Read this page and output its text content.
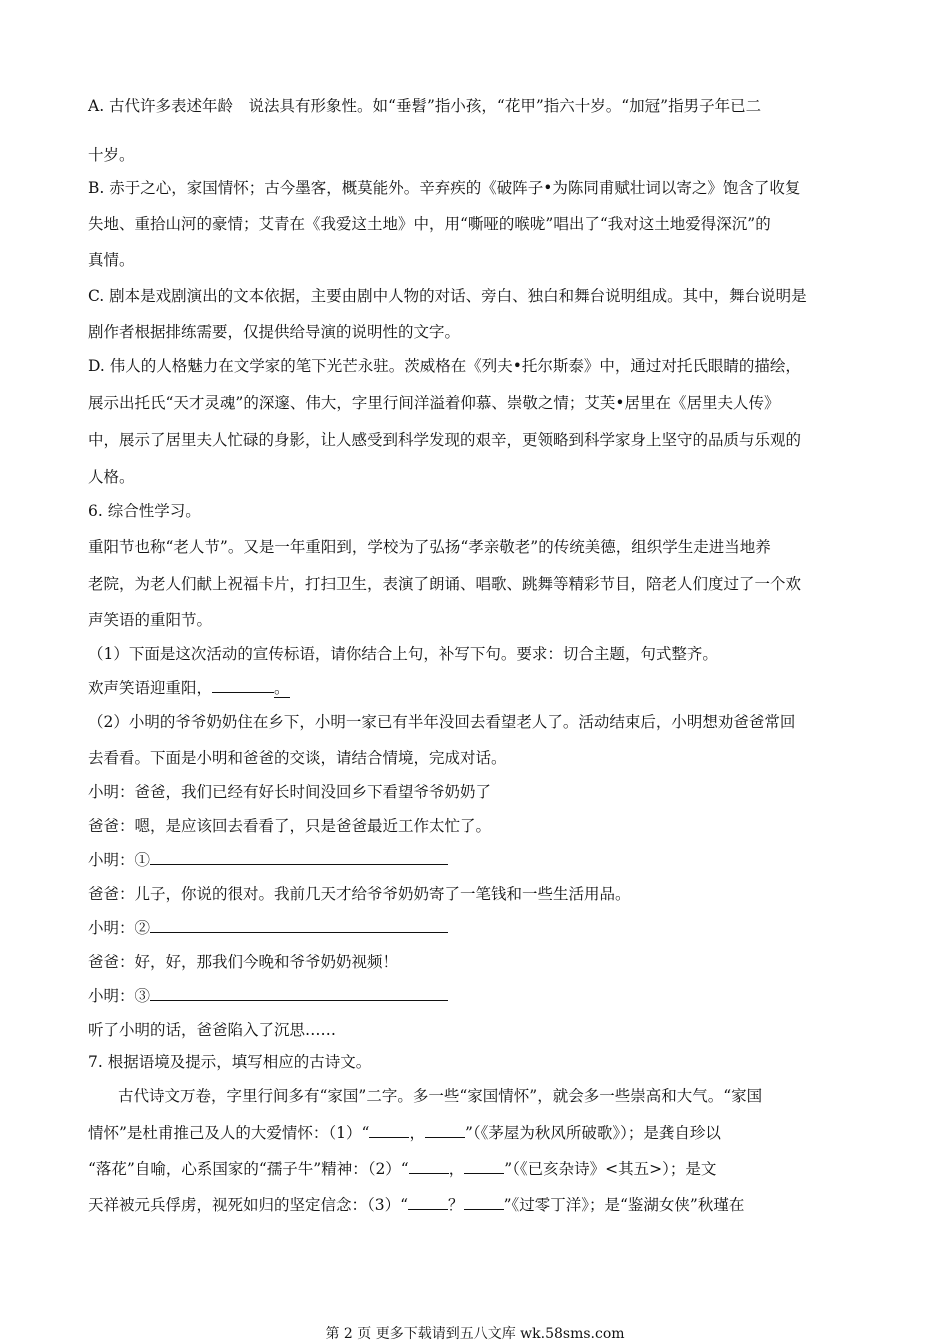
A. 古代许多表述年龄　说法具有形象性。如“垂髫”指小孩，“花甲”指六十岁。“加冠”指男子年已二
十岁。
B. 赤于之心，家国情怀；古今墨客，概莫能外。辛弃疾的《破阵子•为陈同甫赋壮词以寄之》饱含了收复
失地、重拾山河的豪情；艾青在《我爱这土地》中，用“嘶哑的喉咙”唱出了“我对这土地爱得深沉”的
真情。
C. 剧本是戏剧演出的文本依据，主要由剧中人物的对话、旁白、独白和舞台说明组成。其中，舞台说明是
剧作者根据排练需要，仅提供给导演的说明性的文字。
D. 伟人的人格魅力在文学家的笔下光芒永驻。茨威格在《列夫•托尔斯泰》中，通过对托氏眼睛的描绘，
展示出托氏“天才灵魂”的深邃、伟大，字里行间洋溢着仰慕、崇敬之情；艾芙•居里在《居里夫人传》
中，展示了居里夫人忙碌的身影，让人感受到科学发现的艰辛，更领略到科学家身上坚守的品质与乐观的
人格。
6. 综合性学习。
重阳节也称“老人节”。又是一年重阳到，学校为了弘扬“孝亲敬老”的传统美德，组织学生走进当地养
老院，为老人们献上祝福卡片，打扫卫生，表演了朗诵、唱歌、跳舞等精彩节目，陪老人们度过了一个欢
声笑语的重阳节。
（1）下面是这次活动的宣传标语，请你结合上句，补写下句。要求：切合主题，句式整齐。
欢声笑语迎重阳，	。
（2）小明的爷爷奶奶住在乡下，小明一家已有半年没回去看望老人了。活动结束后，小明想劝爸爸常回
去看看。下面是小明和爸爸的交谈，请结合情境，完成对话。
小明：爸爸，我们已经有好长时间没回乡下看望爷爷奶奶了
爸爸：嗯，是应该回去看看了，只是爸爸最近工作太忙了。
小明：①
爸爸：儿子，你说的很对。我前几天才给爷爷奶奶寄了一笔钱和一些生活用品。
小明：②
爸爸：好，好，那我们今晚和爷爷奶奶视频！
小明：③
听了小明的话，爸爸陷入了沉思……
7. 根据语境及提示，填写相应的古诗文。
古代诗文万卷，字里行间多有“家国”二字。多一些“家国情怀”，就会多一些崇高和大气。“家国
情怀”是杜甫推己及人的大爱情怀：（1）“	，	”（《茅屋为秋风所破歌》）；是龚自珍以
“落花”自喻，心系国家的“孺子牛”精神：（2）“	，	”（《已亥杂诗》<其五>）；是文
天祥被元兵俘虏，视死如归的坚定信念：（3）“	？	”《过零丁洋》；是“鉴湖女侠”秋瑾在
第 2 页 更多下载请到五八文库 wk.58sms.com
